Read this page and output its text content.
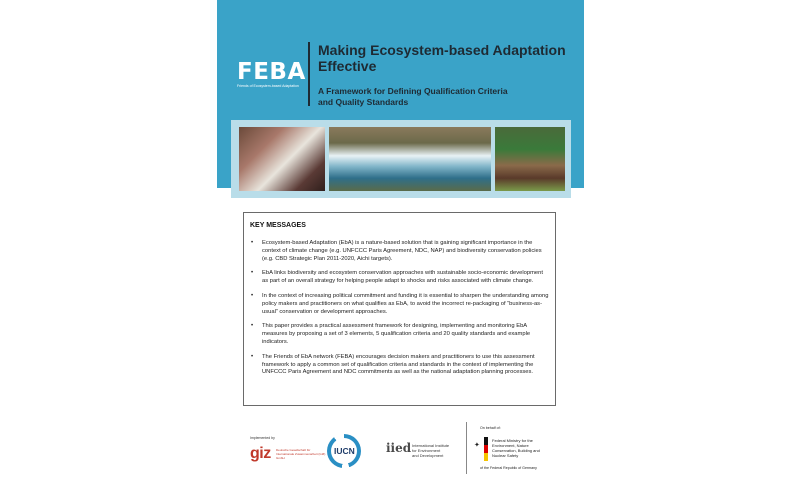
FEBA
Friends of Ecosystem-based Adaptation
Making Ecosystem-based Adaptation
Effective
A Framework for Defining Qualification Criteria
and Quality Standards
KEY MESSAGES
• Ecosystem-based Adaptation (EbA) is a nature-based solution that is gaining significant importance in the context of climate change (e.g. UNFCCC Paris Agreement, NDC, NAP) and biodiversity conservation policies (e.g. CBD Strategic Plan 2011-2020, Aichi targets).
• EbA links biodiversity and ecosystem conservation approaches with sustainable socio-economic development as part of an overall strategy for helping people adapt to shocks and risks associated with climate change.
• In the context of increasing political commitment and funding it is essential to sharpen the understanding among policy makers and practitioners on what qualifies as EbA, to avoid the incorrect re-packaging of “business-as-usual” conservation or development approaches.
• This paper provides a practical assessment framework for designing, implementing and monitoring EbA measures by proposing a set of 3 elements, 5 qualification criteria and 20 quality standards and example indicators.
• The Friends of EbA network (FEBA) encourages decision makers and practitioners to use this assessment framework to apply a common set of qualification criteria and standards in the context of implementing the UNFCCC Paris Agreement and NDC commitments as well as the national adaptation planning processes.
Implemented by
giz Deutsche Gesellschaft für Internationale Zusammenarbeit (GIZ) GmbH
IUCN	iied International Institute
for Environment
and Development
On behalf of:
✦
Federal Ministry for the Environment, Nature Conservation, Building and Nuclear Safety
of the Federal Republic of Germany
